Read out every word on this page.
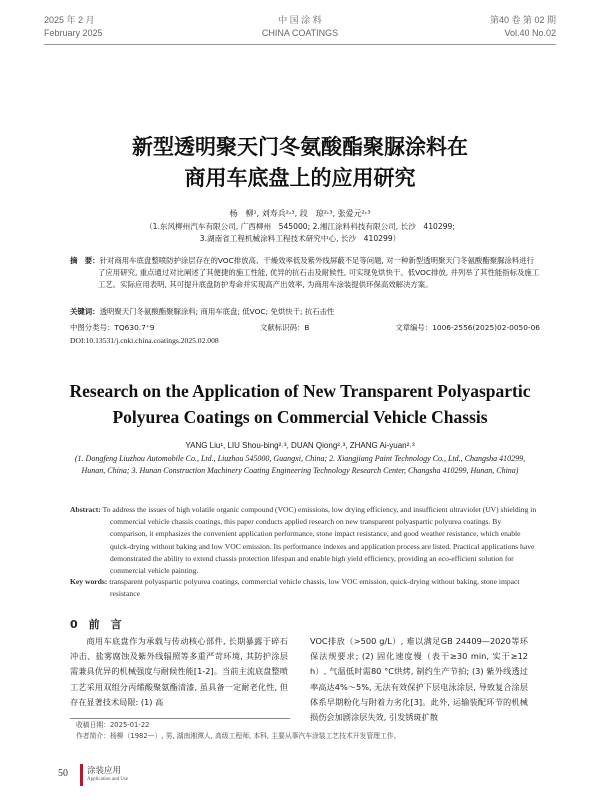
2025 年 2 月
February 2025
中 国 涂 料
CHINA COATINGS
第40 卷 第 02 期
Vol.40 No.02
新型透明聚天门冬氨酸酯聚脲涂料在
商用车底盘上的应用研究
杨　柳¹, 刘寿兵²˒³, 段　琼²˒³, 张爱元²˒³
（1.东风柳州汽车有限公司, 广西柳州　545000; 2.湘江涂料科技有限公司, 长沙　410299;
3.湖南省工程机械涂料工程技术研究中心, 长沙　410299）
摘　要：针对商用车底盘整喷防护涂层存在的VOC排放高、干燥效率低及紫外线屏蔽不足等问题, 对一种新型透明聚天门冬氨酸酯聚脲涂料进行了应用研究, 重点通过对比阐述了其便捷的施工性能, 优异的抗石击及耐候性, 可实现免烘快干、低VOC排放, 并列举了其性能指标及施工工艺。实际应用表明, 其可提升底盘防护寿命并实现高产出效率, 为商用车涂装提供环保高效解决方案。
关键词：透明聚天门冬氨酸酯聚脲涂料; 商用车底盘; 低VOC; 免烘快干; 抗石击性
中图分类号：TQ630.7⁺9	文献标识码：B	文章编号：1006-2556(2025)02-0050-06
DOI:10.13531/j.cnki.china.coatings.2025.02.008
Research on the Application of New Transparent Polyaspartic
Polyurea Coatings on Commercial Vehicle Chassis
YANG Liu¹, LIU Shou-bing²˒³, DUAN Qiong²˒³, ZHANG Ai-yuan²˒³
(1. Dongfeng Liuzhou Automobile Co., Ltd., Liuzhou 545000, Guangxi, China; 2. Xiangjiang Paint Technology Co., Ltd., Changsha 410299, Hunan, China; 3. Hunan Construction Machinery Coating Engineering Technology Research Center, Changsha 410299, Hunan, China)
Abstract: To address the issues of high volatile organic compound (VOC) emissions, low drying efficiency, and insufficient ultraviolet (UV) shielding in commercial vehicle chassis coatings, this paper conducts applied research on new transparent polyaspartic polyurea coatings. By comparison, it emphasizes the convenient application performance, stone impact resistance, and good weather resistance, which enable quick-drying without baking and low VOC emission. Its performance indexes and application process are listed. Practical applications have demonstrated the ability to extend chassis protection lifespan and enable high yield efficiency, providing an eco-efficient solution for commercial vehicle painting.
Key words: transparent polyaspartic polyurea coatings, commercial vehicle chassis, low VOC emission, quick-drying without baking, stone impact resistance
0　前　言
商用车底盘作为承载与传动核心部件, 长期暴露于碎石冲击、盐雾腐蚀及紫外线辐照等多重严苛环境, 其防护涂层需兼具优异的机械强度与耐候性能[1-2]。当前主流底盘整喷工艺采用双组分丙烯酸聚氨酯清漆, 虽具备一定耐老化性, 但存在显著技术局限: (1) 高
VOC排放（>500 g/L）, 难以满足GB 24409—2020等环保法规要求; (2) 固化速度慢（表干≥30 min, 实干≥12 h）, 气温低时需80 °C烘烤, 制约生产节拍; (3) 紫外线透过率高达4%～5%, 无法有效保护下层电泳涂层, 导致复合涂层体系早期粉化与附着力劣化[3]。此外, 运输装配环节的机械损伤会加剧涂层失效, 引发锈斑扩散
收稿日期：2025-01-22
作者简介：杨柳（1982—）, 男, 湖南湘潭人, 高级工程师, 本科, 主要从事汽车涂装工艺技术开发管理工作。
50 涂装应用
Application and Use
